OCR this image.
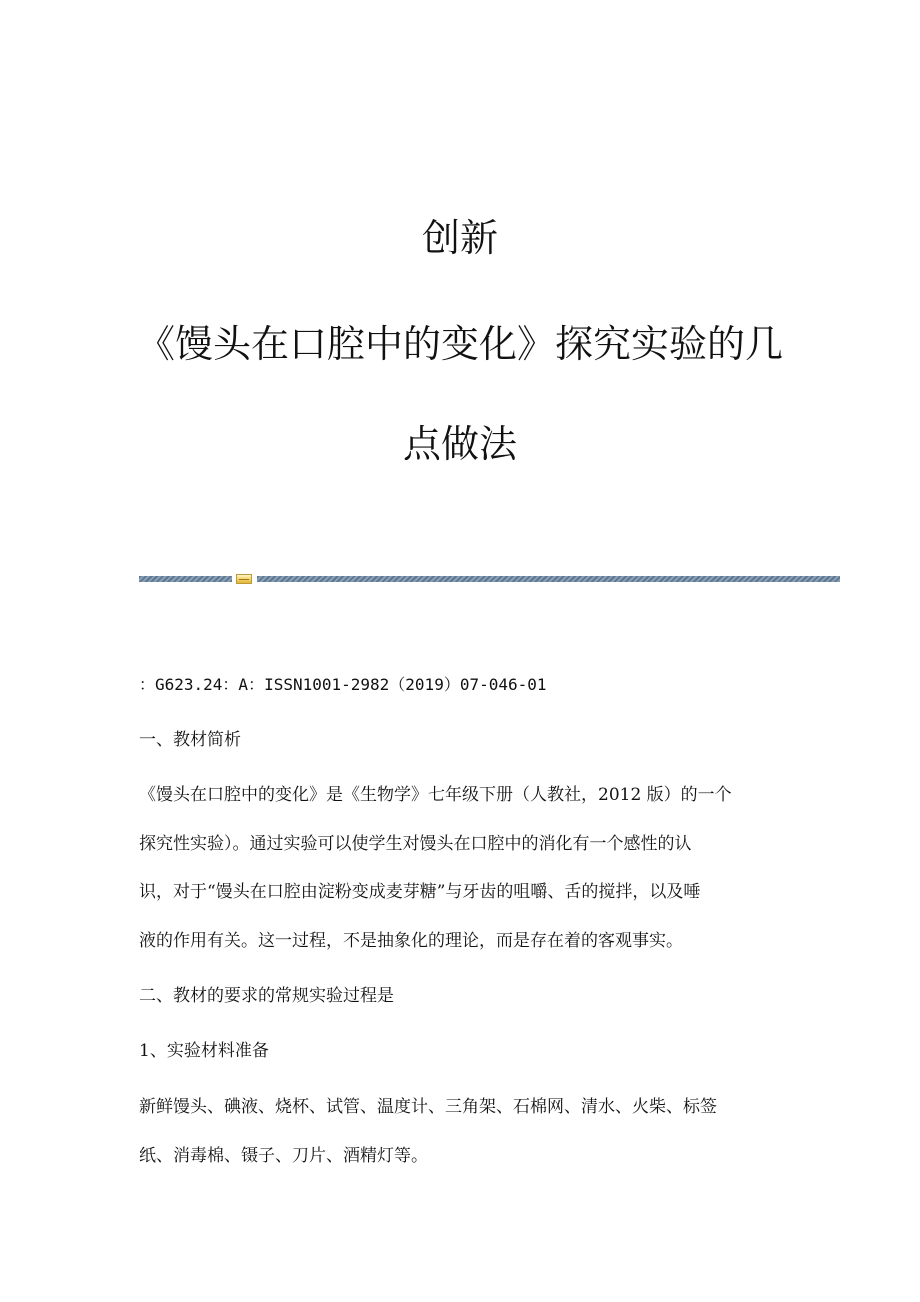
创新
《馒头在口腔中的变化》探究实验的几
点做法

：G623.24：A：ISSN1001-2982（2019）07-046-01

一、教材简析

《馒头在口腔中的变化》是《生物学》七年级下册（人教社，2012 版）的一个

探究性实验）。通过实验可以使学生对馒头在口腔中的消化有一个感性的认

识，对于“馒头在口腔由淀粉变成麦芽糖”与牙齿的咀嚼、舌的搅拌，以及唾

液的作用有关。这一过程，不是抽象化的理论，而是存在着的客观事实。

二、教材的要求的常规实验过程是

1、实验材料准备

新鲜馒头、碘液、烧杯、试管、温度计、三角架、石棉网、清水、火柴、标签

纸、消毒棉、镊子、刀片、酒精灯等。
